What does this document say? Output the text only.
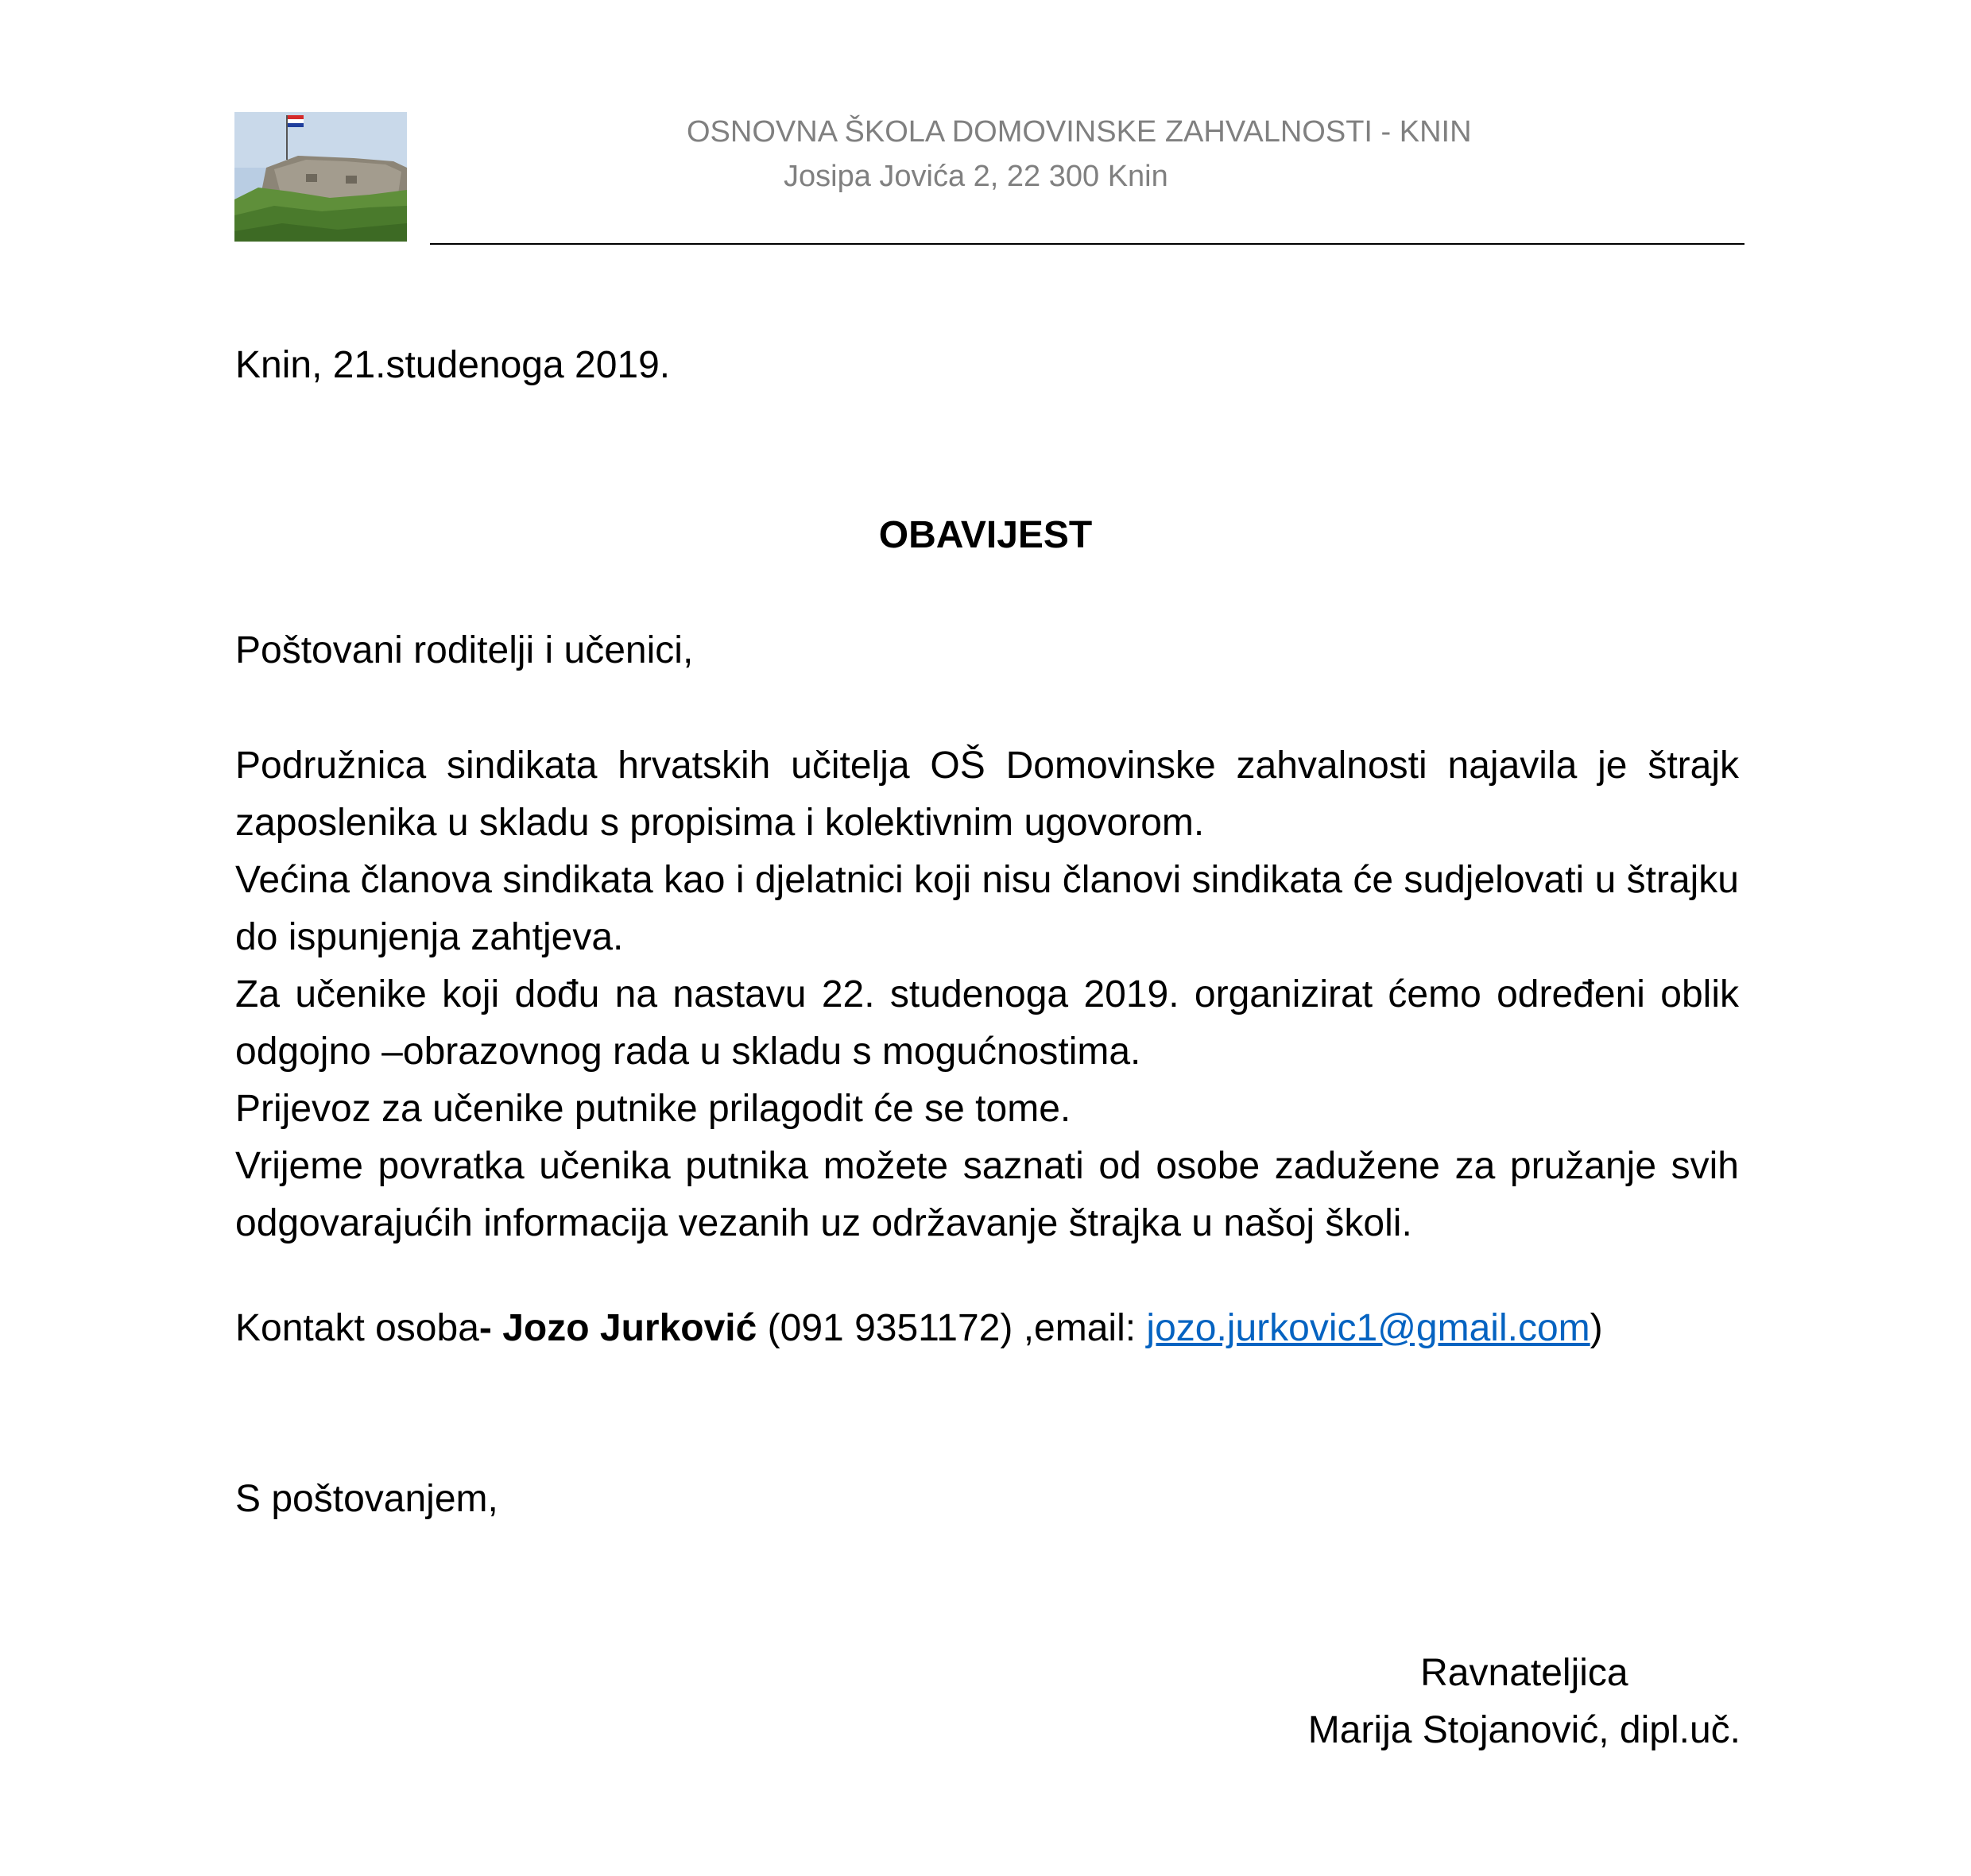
OSNOVNA ŠKOLA DOMOVINSKE ZAHVALNOSTI - KNIN
Josipa Jovića 2, 22 300 Knin
Knin, 21.studenoga 2019.
OBAVIJEST
Poštovani roditelji i učenici,

Podružnica sindikata hrvatskih učitelja OŠ Domovinske zahvalnosti najavila je štrajk zaposlenika u skladu s propisima i kolektivnim ugovorom.

Većina članova sindikata kao i djelatnici koji nisu članovi sindikata će sudjelovati u štrajku do ispunjenja zahtjeva.

Za učenike koji dođu na nastavu 22. studenoga 2019. organizirat ćemo određeni oblik odgojno –obrazovnog rada u skladu s mogućnostima.

Prijevoz za učenike putnike prilagodit će se tome.

Vrijeme povratka učenika putnika možete saznati od osobe zadužene za pružanje svih odgovarajućih informacija vezanih uz održavanje štrajka u našoj školi.

Kontakt osoba- Jozo Jurković (091 9351172) ,email: jozo.jurkovic1@gmail.com)
S poštovanjem,
Ravnateljica
Marija Stojanović, dipl.uč.
